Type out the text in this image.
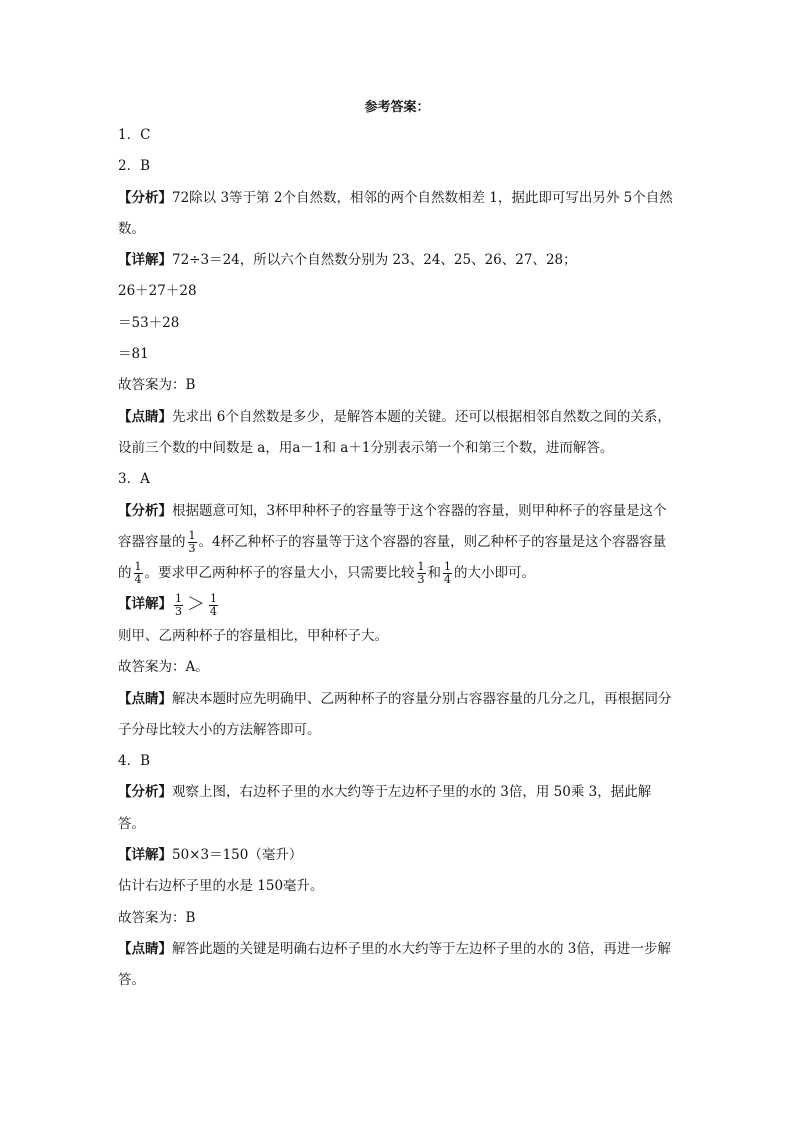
参考答案：
1．C
2．B
【分析】72除以 3等于第 2个自然数，相邻的两个自然数相差 1，据此即可写出另外 5个自然数。
【详解】72÷3＝24，所以六个自然数分别为 23、24、25、26、27、28；
26＋27＋28
＝53＋28
＝81
故答案为：B
【点睛】先求出 6个自然数是多少，是解答本题的关键。还可以根据相邻自然数之间的关系，设前三个数的中间数是 a，用a－1和 a＋1分别表示第一个和第三个数，进而解答。
3．A
【分析】根据题意可知，3杯甲种杯子的容量等于这个容器的容量，则甲种杯子的容量是这个容器容量的 $\frac{1}{3}$ 。4杯乙种杯子的容量等于这个容器的容量，则乙种杯子的容量是这个容器容量的 $\frac{1}{4}$ 。要求甲乙两种杯子的容量大小，只需要比较 $\frac{1}{3}$ 和 $\frac{1}{4}$ 的大小即可。
【详解】 $\frac{1}{3} > \frac{1}{4}$
则甲、乙两种杯子的容量相比，甲种杯子大。
故答案为：A。
【点睛】解决本题时应先明确甲、乙两种杯子的容量分别占容器容量的几分之几，再根据同分子分母比较大小的方法解答即可。
4．B
【分析】观察上图，右边杯子里的水大约等于左边杯子里的水的 3倍，用 50乘 3，据此解答。
【详解】50×3＝150（毫升）
估计右边杯子里的水是 150毫升。
故答案为：B
【点睛】解答此题的关键是明确右边杯子里的水大约等于左边杯子里的水的 3倍，再进一步解答。
